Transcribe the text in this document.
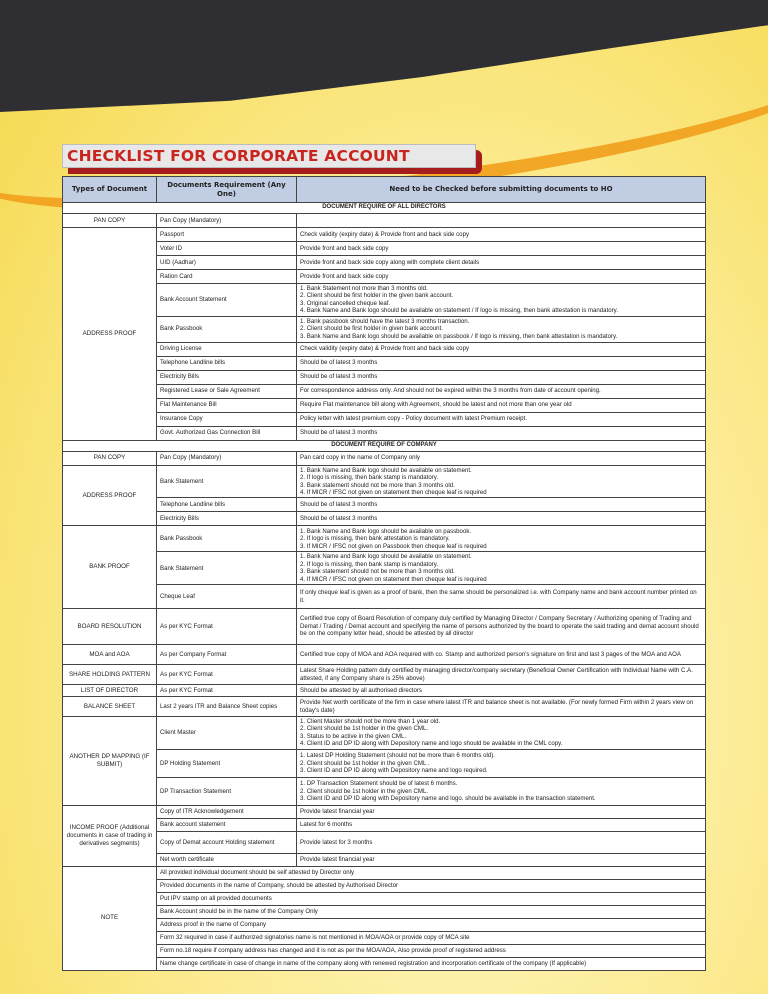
CHECKLIST FOR CORPORATE ACCOUNT
Types of Document	Documents Requirement (Any One)	Need to be Checked before submitting documents to HO
DOCUMENT REQUIRE OF ALL DIRECTORS		
PAN COPY	Pan Copy (Mandatory)	
ADDRESS PROOF	Passport	Check validity (expiry date) & Provide front and back side copy

	Voter ID	Provide front and back side copy

	UID (Aadhar)	Provide front and back side copy along with complete client details

	Ration Card	Provide front and back side copy

	Bank Account Statement	1. Bank Statement not more than 3 months old.
2. Client should be first holder in the given bank account.
3. Original cancelled cheque leaf.
4. Bank Name and Bank logo should be available on statement / If logo is missing, then bank attestation is mandatory.

	Bank Passbook	1. Bank passbook should have the latest 3 months transaction.
2. Client should be first holder in given bank account.
3. Bank Name and Bank logo should be available on passbook / If logo is missing, then bank attestation is mandatory.

	Driving License	Check validity (expiry date) & Provide front and back side copy

	Telephone Landline bills	Should be of latest 3 months

	Electricity Bills	Should be of latest 3 months

	Registered Lease or Sale Agreement	For correspondence address only. And should not be expired within the 3 months from date of account opening.

	Flat Maintenance Bill	Require Flat maintenance bill along with Agreement, should be latest and not more than one year old

	Insurance Copy	Policy letter with latest premium copy - Policy document with latest Premium receipt.

	Govt. Authorized Gas Connection Bill	Should be of latest 3 months

DOCUMENT REQUIRE OF COMPANY		
PAN COPY	Pan Copy (Mandatory)	Pan card copy in the name of Company only
ADDRESS PROOF	Bank Statement	1. Bank Name and Bank logo should be available on statement.
2. If logo is missing, then bank stamp is mandatory.
3. Bank statement should not be more than 3 months old.
4. If MICR / IFSC not given on statement then cheque leaf is required

	Telephone Landline bills	Should be of latest 3 months

	Electricity Bills	Should be of latest 3 months

BANK PROOF	Bank Passbook	1. Bank Name and Bank logo should be available on passbook.
2. If logo is missing, then bank attestation is mandatory.
3. If MICR / IFSC not given on Passbook then cheque leaf is required

	Bank Statement	1. Bank Name and Bank logo should be available on statement.
2. If logo is missing, then bank stamp is mandatory.
3. Bank statement should not be more than 3 months old.
4. If MICR / IFSC not given on statement then cheque leaf is required

	Cheque Leaf	If only cheque leaf is given as a proof of bank, then the same should be personalized i.e. with Company name and bank account number printed on it.

BOARD RESOLUTION	As per KYC Format	Certified true copy of Board Resolution of company duly certified by Managing Director / Company Secretary / Authorizing opening of Trading and Demat / Trading / Demat account and specifying the name of persons authorized by the board to operate the said trading and demat account should be on the company letter head, should be attested by all director
MOA and AOA	As per Company Format	Certified true copy of MOA and AOA required with co. Stamp and authorized person's signature on first and last 3 pages of the MOA and AOA
SHARE HOLDING PATTERN	As per KYC Format	Latest Share Holding pattern duly certified by managing director/company secretary (Beneficial Owner Certification with Individual Name with C.A. attested, if any Company share is 25% above)
LIST OF DIRECTOR	As per KYC Format	Should be attested by all authorised directors
BALANCE SHEET	Last 2 years ITR and Balance Sheet copies	Provide Net worth certificate of the firm in case where latest ITR and balance sheet is not available. (For newly formed Firm within 2 years view on today's date)
ANOTHER DP MAPPING (IF SUBMIT)	Client Master	1. Client Master should not be more than 1 year old.
2. Client should be 1st holder in the given CML.
3. Status to be active in the given CML.
4. Client ID and DP ID along with Depository name and logo should be available in the CML copy.

	DP Holding Statement	1. Latest DP Holding Statement (should not be more than 6 months old).
2. Client should be 1st holder in the given CML .
3. Client ID and DP ID along with Depository name and logo required.

	DP Transaction Statement	1. DP Transaction Statement should be of latest 6 months.
2. Client should be 1st holder in the given CML.
3. Client ID and DP ID along with Depository name and logo. should be available in the transaction statement.

INCOME PROOF (Additional documents in case of trading in derivatives segments)	Copy of ITR Acknowledgement	Provide latest financial year
	Bank account statement	Latest for 6 months
	Copy of Demat account Holding statement	Provide latest for 3 months
	Net worth certificate	Provide latest financial year
NOTE	All provided individual document should be self attested by Director only	
	Provided documents in the name of Company, should be attested by Authorised Director	
	Put IPV stamp on all provided documents	
	Bank Account should be in the name of the Company Only	
	Address proof in the name of Company	
	Form 32 required in case if authorized signatories name is not mentioned in MOA/AOA or provide copy of MCA site	
	Form no.18 require if company address has changed and it is not as per the MOA/AOA, Also provide proof of registered address	
	Name change certificate in case of change in name of the company along with renewed registration and incorporation certificate of the company (If applicable)	
